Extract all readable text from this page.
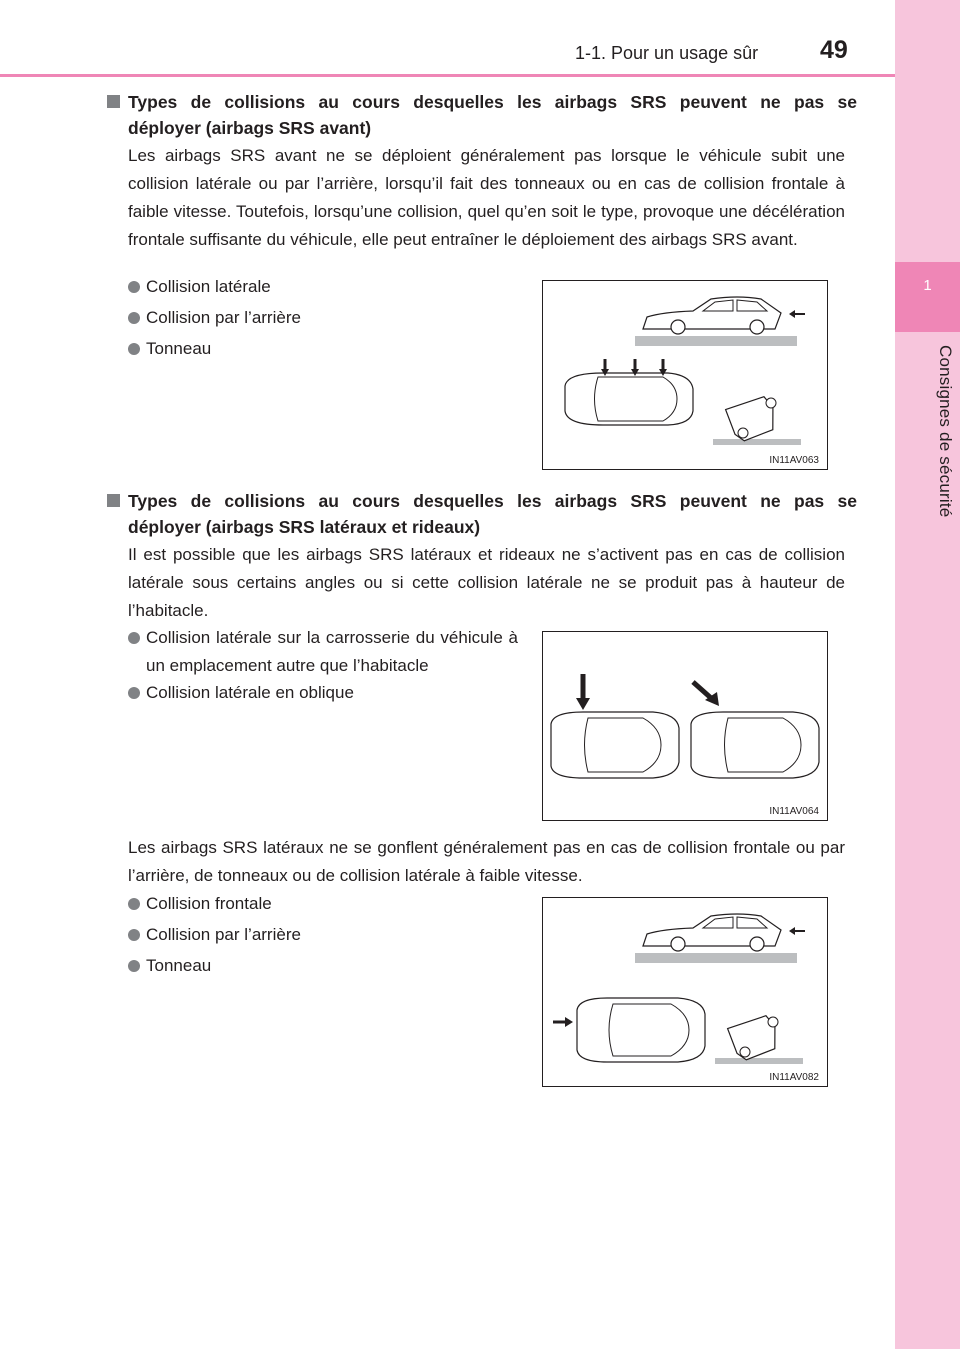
1-1. Pour un usage sûr 49
1
Consignes de sécurité
Types de collisions au cours desquelles les airbags SRS peuvent ne pas se
déployer (airbags SRS avant)
Les airbags SRS avant ne se déploient généralement pas lorsque le véhicule subit une collision latérale ou par l’arrière, lorsqu’il fait des tonneaux ou en cas de collision frontale à faible vitesse. Toutefois, lorsqu’une collision, quel qu’en soit le type, provoque une décélération frontale suffisante du véhicule, elle peut entraîner le déploiement des airbags SRS avant.
Collision latérale
Collision par l’arrière
Tonneau
IN11AV063
Types de collisions au cours desquelles les airbags SRS peuvent ne pas se
déployer (airbags SRS latéraux et rideaux)
Il est possible que les airbags SRS latéraux et rideaux ne s’activent pas en cas de collision latérale sous certains angles ou si cette collision latérale ne se produit pas à hauteur de l’habitacle.
Collision latérale sur la carrosserie du véhicule à un emplacement autre que l’habitacle
Collision latérale en oblique
IN11AV064
Les airbags SRS latéraux ne se gonflent généralement pas en cas de collision frontale ou par l’arrière, de tonneaux ou de collision latérale à faible vitesse.
Collision frontale
Collision par l’arrière
Tonneau
IN11AV082
